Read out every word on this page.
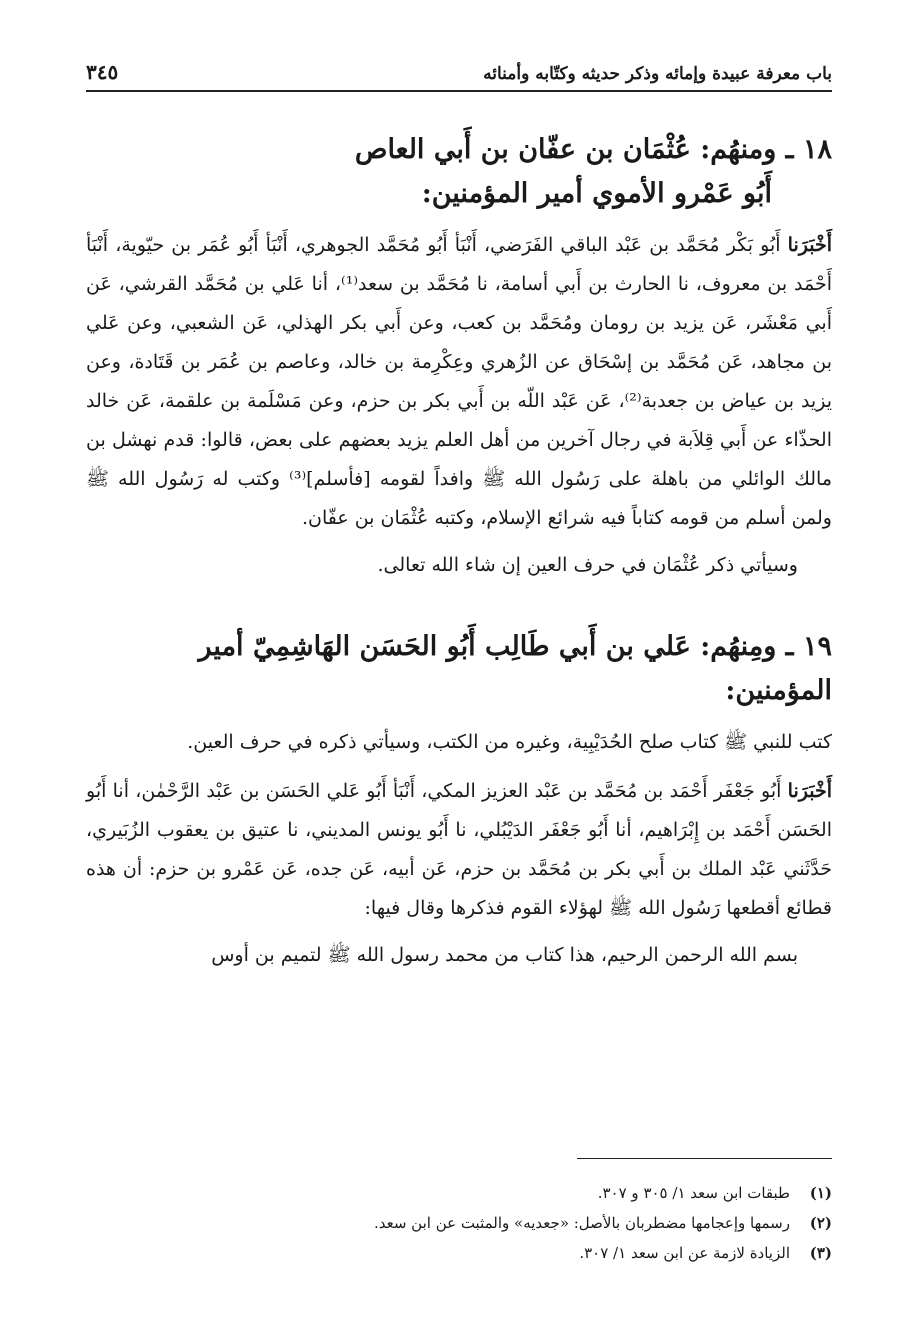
باب معرفة عبيدة وإمائه وذكر حديثه وكتّابه وأمنائه
٣٤٥
١٨ ـ ومنهُم: عُثْمَان بن عفّان بن أَبي العاص
أَبُو عَمْرو الأموي أمير المؤمنين:

أَخْبَرَنا أَبُو بَكْر مُحَمَّد بن عَبْد الباقي الفَرَضي، أَنْبَأ أَبُو مُحَمَّد الجوهري، أَنْبَأ أَبُو عُمَر بن حيّوية، أَنْبَأ أَحْمَد بن معروف، نا الحارث بن أَبي أسامة، نا مُحَمَّد بن سعد⁽¹⁾، أنا عَلي بن مُحَمَّد القرشي، عَن أَبي مَعْشَر، عَن يزيد بن رومان ومُحَمَّد بن كعب، وعن أَبي بكر الهذلي، عَن الشعبي، وعن عَلي بن مجاهد، عَن مُحَمَّد بن إسْحَاق عن الزُهري وعِكْرِمة بن خالد، وعاصم بن عُمَر بن قَتَادة، وعن يزيد بن عياض بن جعدبة⁽²⁾، عَن عَبْد اللّه بن أَبي بكر بن حزم، وعن مَسْلَمة بن علقمة، عَن خالد الحذّاء عن أَبي قِلاَبة في رجال آخرين من أهل العلم يزيد بعضهم على بعض، قالوا: قدم نهشل بن مالك الوائلي من باهلة على رَسُول الله ﷺ وافداً لقومه [فأسلم]⁽³⁾ وكتب له رَسُول الله ﷺ ولمن أسلم من قومه كتاباً فيه شرائع الإسلام، وكتبه عُثْمَان بن عفّان.

وسيأتي ذكر عُثْمَان في حرف العين إن شاء الله تعالى.

١٩ ـ ومِنهُم: عَلي بن أَبي طَالِب أَبُو الحَسَن الهَاشِمِيّ أمير المؤمنين:

كتب للنبي ﷺ كتاب صلح الحُدَيْبِية، وغيره من الكتب، وسيأتي ذكره في حرف العين.

أَخْبَرَنا أَبُو جَعْفَر أَحْمَد بن مُحَمَّد بن عَبْد العزيز المكي، أَنْبَأ أَبُو عَلي الحَسَن بن عَبْد الرَّحْمٰن، أنا أَبُو الحَسَن أَحْمَد بن إِبْرَاهيم، أنا أَبُو جَعْفَر الدَيْبُلي، نا أَبُو يونس المديني، نا عتيق بن يعقوب الزُبَيري، حَدَّثَني عَبْد الملك بن أَبي بكر بن مُحَمَّد بن حزم، عَن أبيه، عَن جده، عَن عَمْرو بن حزم: أن هذه قطائع أقطعها رَسُول الله ﷺ لهؤلاء القوم فذكرها وقال فيها:

بسم الله الرحمن الرحيم، هذا كتاب من محمد رسول الله ﷺ لتميم بن أوس

(١)
طبقات ابن سعد ١/ ٣٠٥ و ٣٠٧.
(٢)
رسمها وإعجامها مضطربان بالأصل: «جعديه» والمثبت عن ابن سعد.
(٣)
الزيادة لازمة عن ابن سعد ١/ ٣٠٧.
